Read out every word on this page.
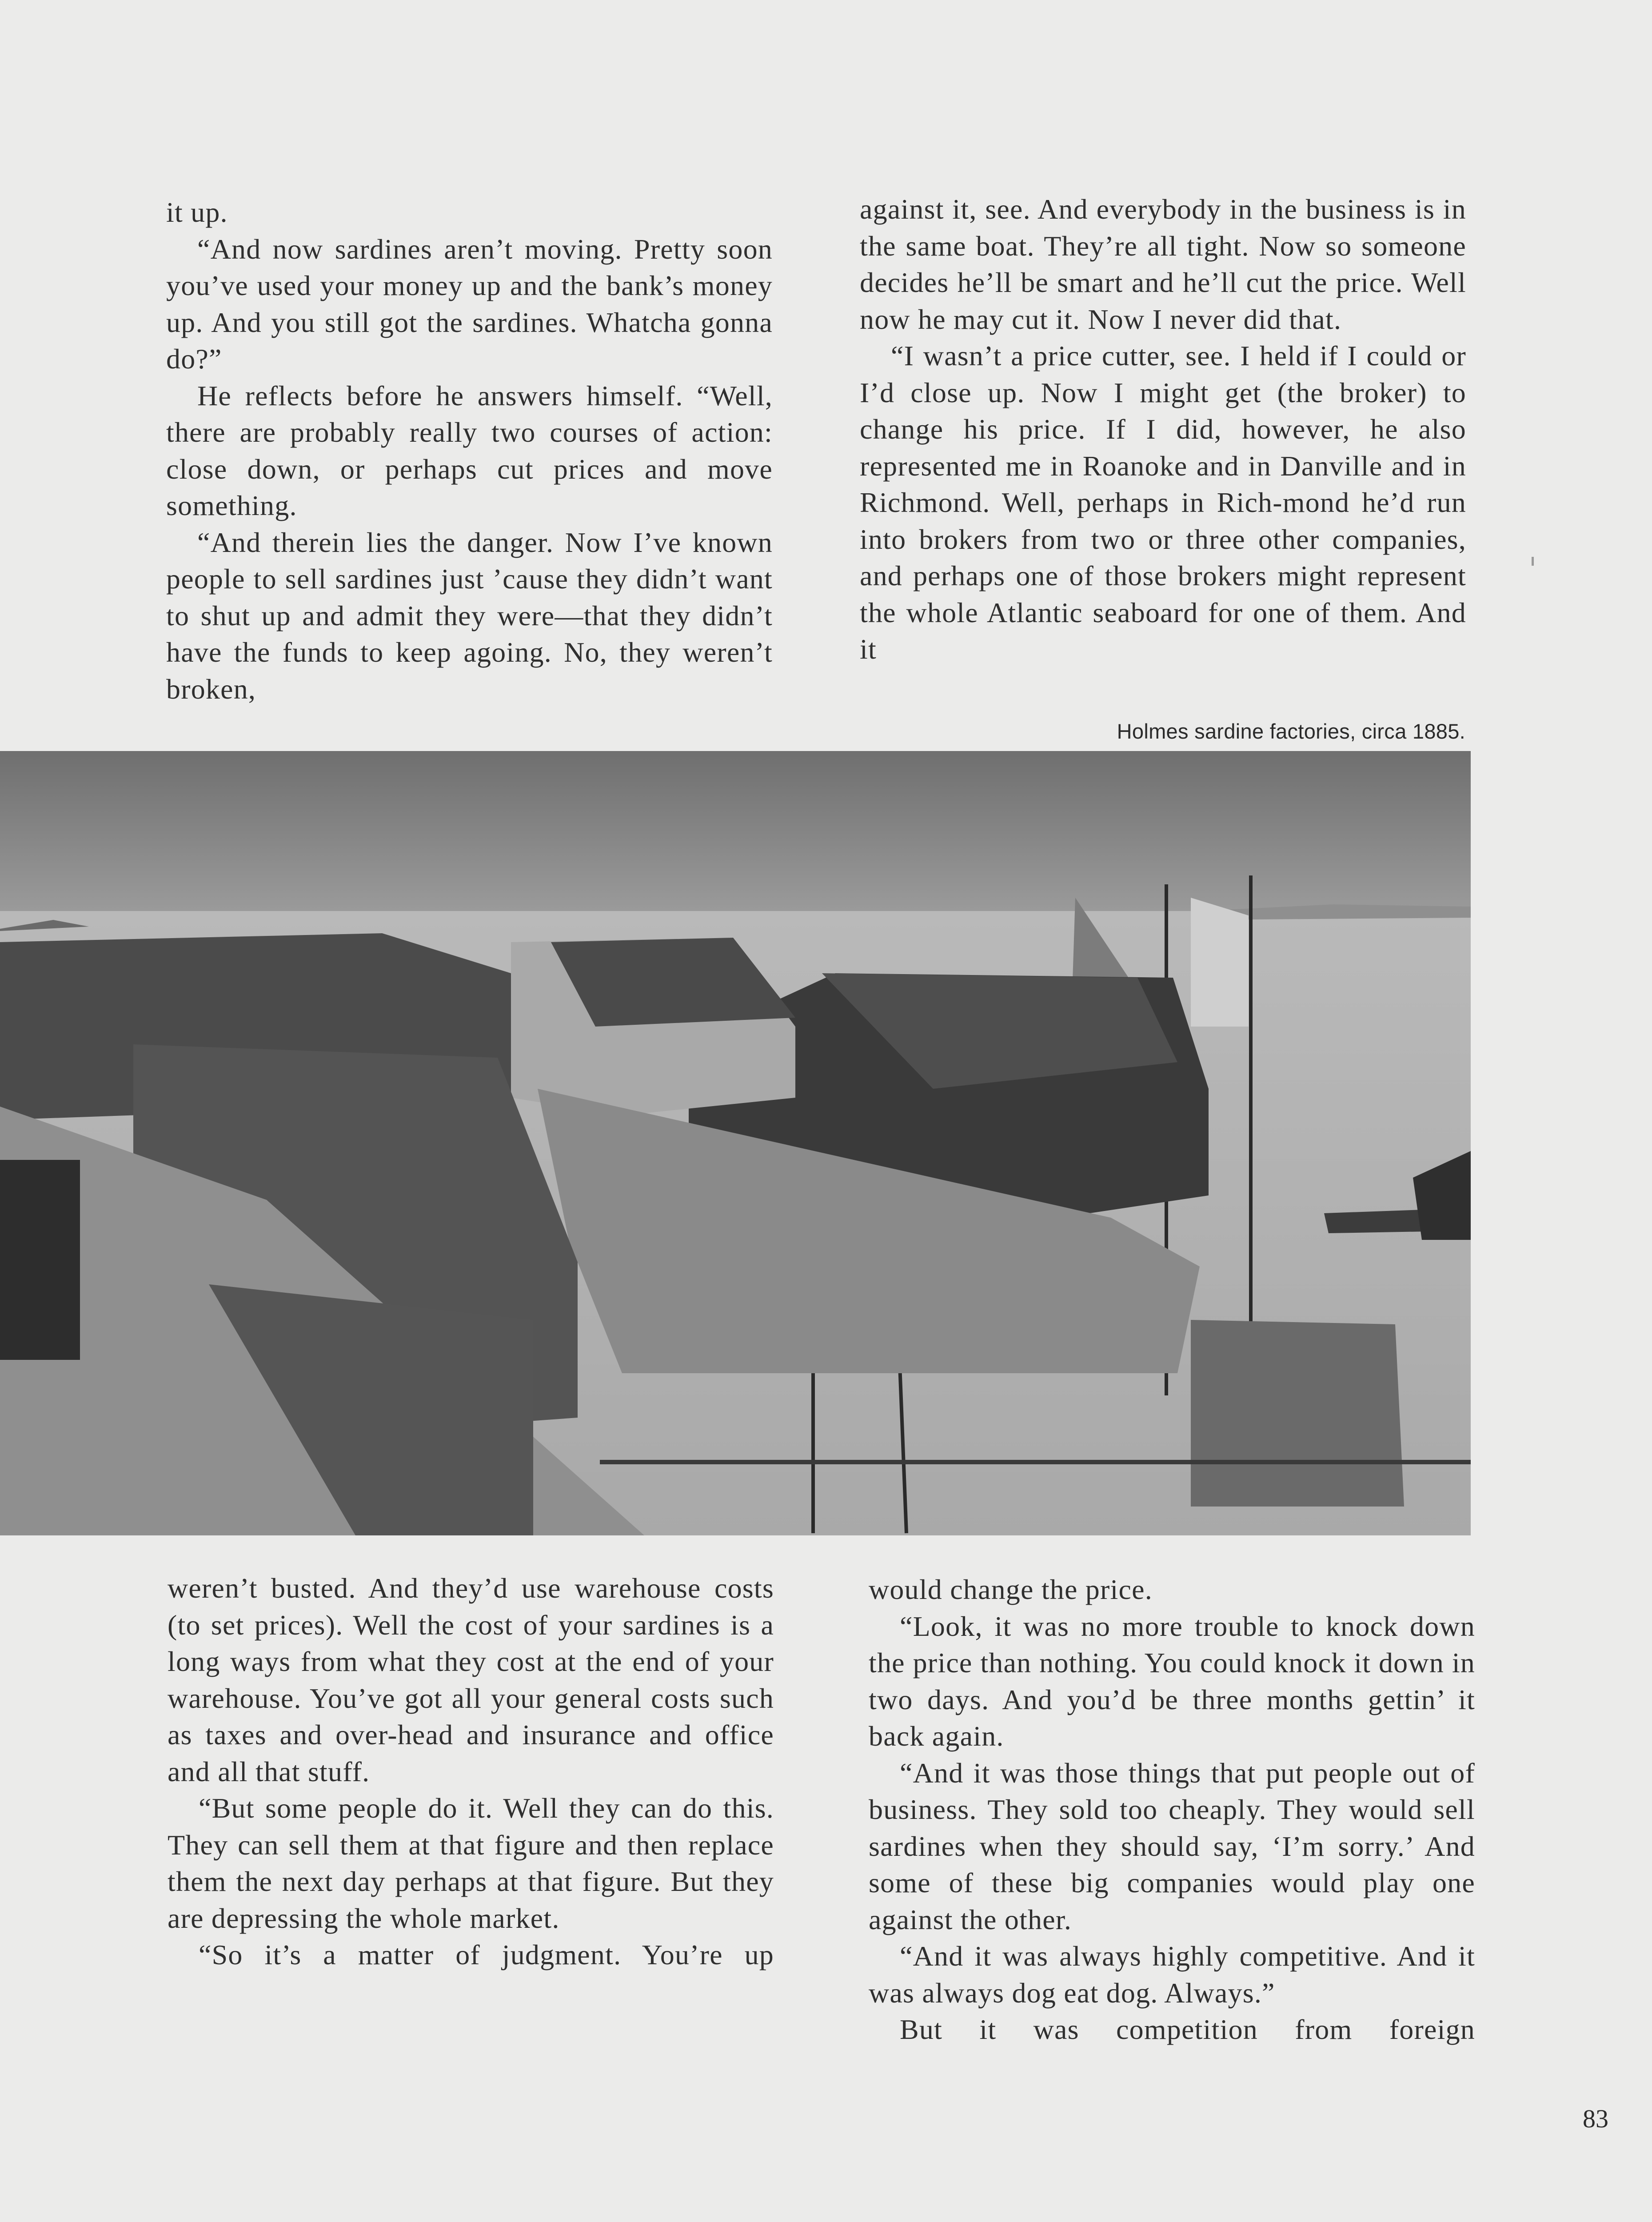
it up.

“And now sardines aren’t moving. Pretty soon you’ve used your money up and the bank’s money up. And you still got the sardines. Whatcha gonna do?”

He reflects before he answers himself. “Well, there are probably really two courses of action: close down, or perhaps cut prices and move something.

“And therein lies the danger. Now I’ve known people to sell sardines just ’cause they didn’t want to shut up and admit they were—that they didn’t have the funds to keep agoing. No, they weren’t broken,

against it, see. And everybody in the business is in the same boat. They’re all tight. Now so someone decides he’ll be smart and he’ll cut the price. Well now he may cut it. Now I never did that.

“I wasn’t a price cutter, see. I held if I could or I’d close up. Now I might get (the broker) to change his price. If I did, however, he also represented me in Roanoke and in Danville and in Richmond. Well, perhaps in Rich-mond he’d run into brokers from two or three other companies, and perhaps one of those brokers might represent the whole Atlantic seaboard for one of them. And it

Holmes sardine factories, circa 1885.

weren’t busted. And they’d use warehouse costs (to set prices). Well the cost of your sardines is a long ways from what they cost at the end of your warehouse. You’ve got all your general costs such as taxes and over-head and insurance and office and all that stuff.

“But some people do it. Well they can do this. They can sell them at that figure and then replace them the next day perhaps at that figure. But they are depressing the whole market.

“So it’s a matter of judgment. You’re up

would change the price.

“Look, it was no more trouble to knock down the price than nothing. You could knock it down in two days. And you’d be three months gettin’ it back again.

“And it was those things that put people out of business. They sold too cheaply. They would sell sardines when they should say, ‘I’m sorry.’ And some of these big companies would play one against the other.

“And it was always highly competitive. And it was always dog eat dog. Always.”

But it was competition from foreign

83
